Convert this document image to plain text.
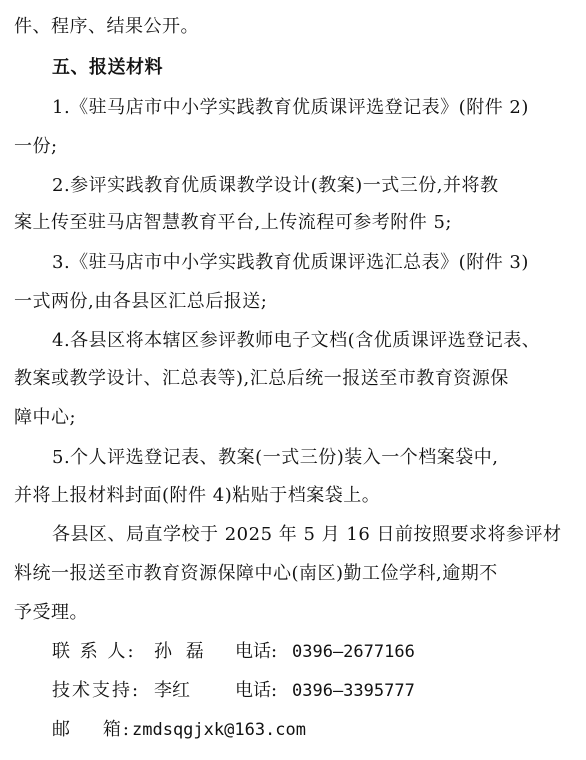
件、程序、结果公开。
五、报送材料
1.《驻马店市中小学实践教育优质课评选登记表》(附件 2)
一份;
2.参评实践教育优质课教学设计(教案)一式三份,并将教
案上传至驻马店智慧教育平台,上传流程可参考附件 5;
3.《驻马店市中小学实践教育优质课评选汇总表》(附件 3)
一式两份,由各县区汇总后报送;
4.各县区将本辖区参评教师电子文档(含优质课评选登记表、
教案或教学设计、汇总表等),汇总后统一报送至市教育资源保
障中心;
5.个人评选登记表、教案(一式三份)装入一个档案袋中,
并将上报材料封面(附件 4)粘贴于档案袋上。
各县区、局直学校于 2025 年 5 月 16 日前按照要求将参评材
料统一报送至市教育资源保障中心(南区)勤工俭学科,逾期不
予受理。
联 系 人: 孙 磊 电话: 0396—2677166
技术支持: 李红	电话: 0396—3395777
邮    箱: zmdsqgjxk@163.com
